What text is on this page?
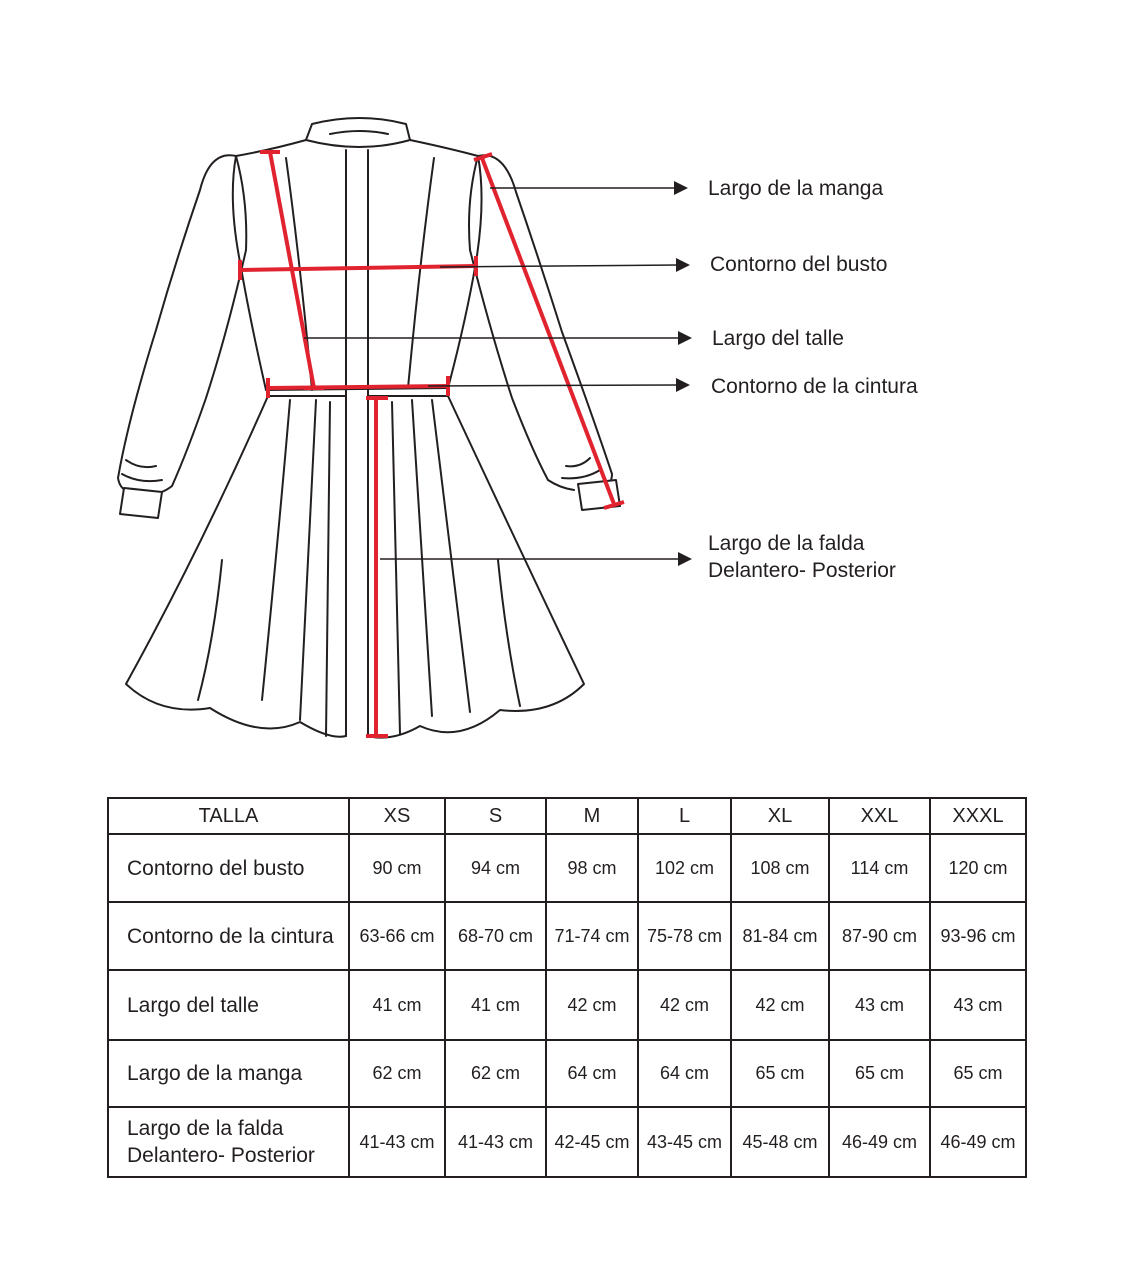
Largo de la manga
Contorno del busto
Largo del talle
Contorno de la cintura
Largo de la falda
Delantero- Posterior
TALLA	XS	S	M	L	XL	XXL	XXXL

Contorno del busto	90 cm	94 cm	98 cm	102 cm	108 cm	114 cm	120 cm

Contorno de la cintura	63-66 cm	68-70 cm	71-74 cm	75-78 cm	81-84 cm	87-90 cm	93-96 cm

Largo del talle	41 cm	41 cm	42 cm	42 cm	42 cm	43 cm	43 cm

Largo de la manga	62 cm	62 cm	64 cm	64 cm	65 cm	65 cm	65 cm

Largo de la falda
Delantero- Posterior	41-43 cm	41-43 cm	42-45 cm	43-45 cm	45-48 cm	46-49 cm	46-49 cm
